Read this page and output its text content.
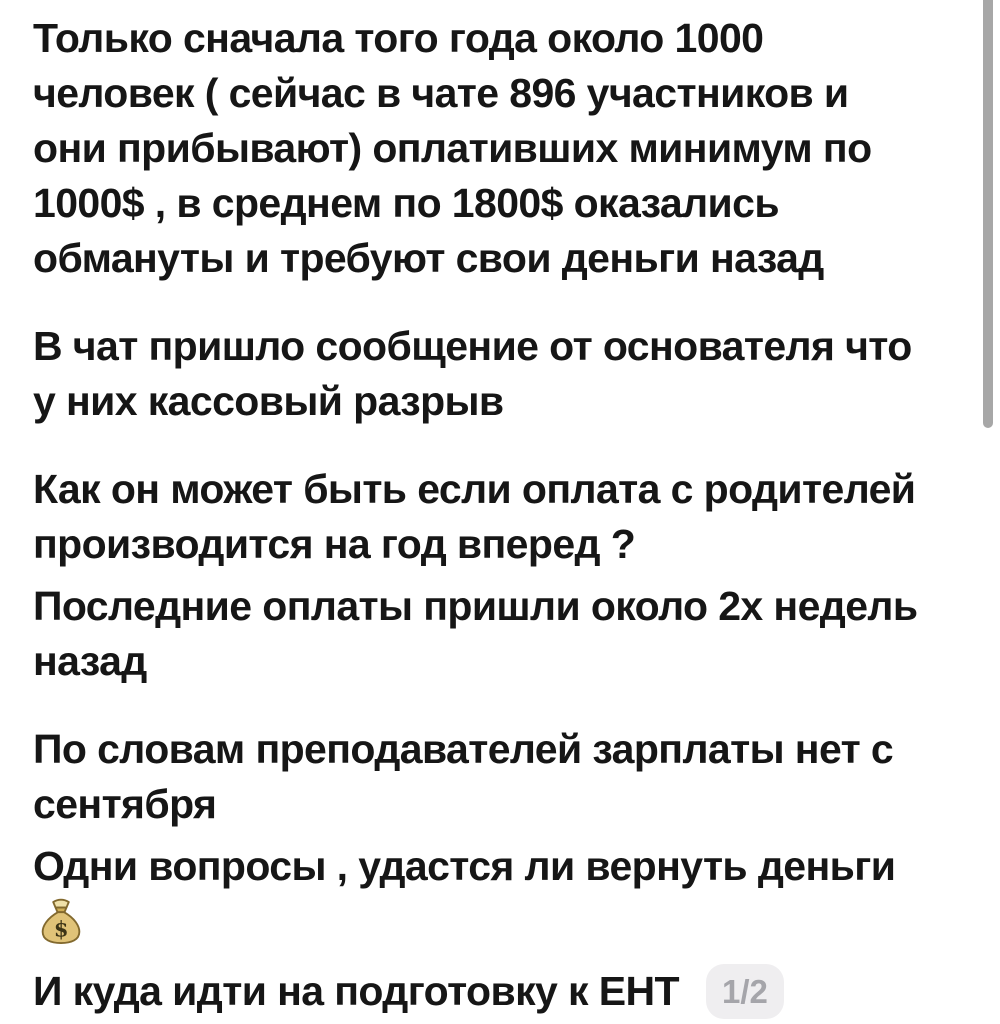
Только сначала того года около 1000
человек ( сейчас в чате 896 участников и
они прибывают) оплативших минимум по
1000$ , в среднем по 1800$ оказались
обмануты и требуют свои деньги назад
В чат пришло сообщение от основателя что
у них кассовый разрыв
Как он может быть если оплата с родителей
производится на год вперед ?
Последние оплаты пришли около 2х недель
назад
По словам преподавателей зарплаты нет с
сентября
Одни вопросы , удастся ли вернуть деньги
$
И куда идти на подготовку к ЕНТ	1/2
